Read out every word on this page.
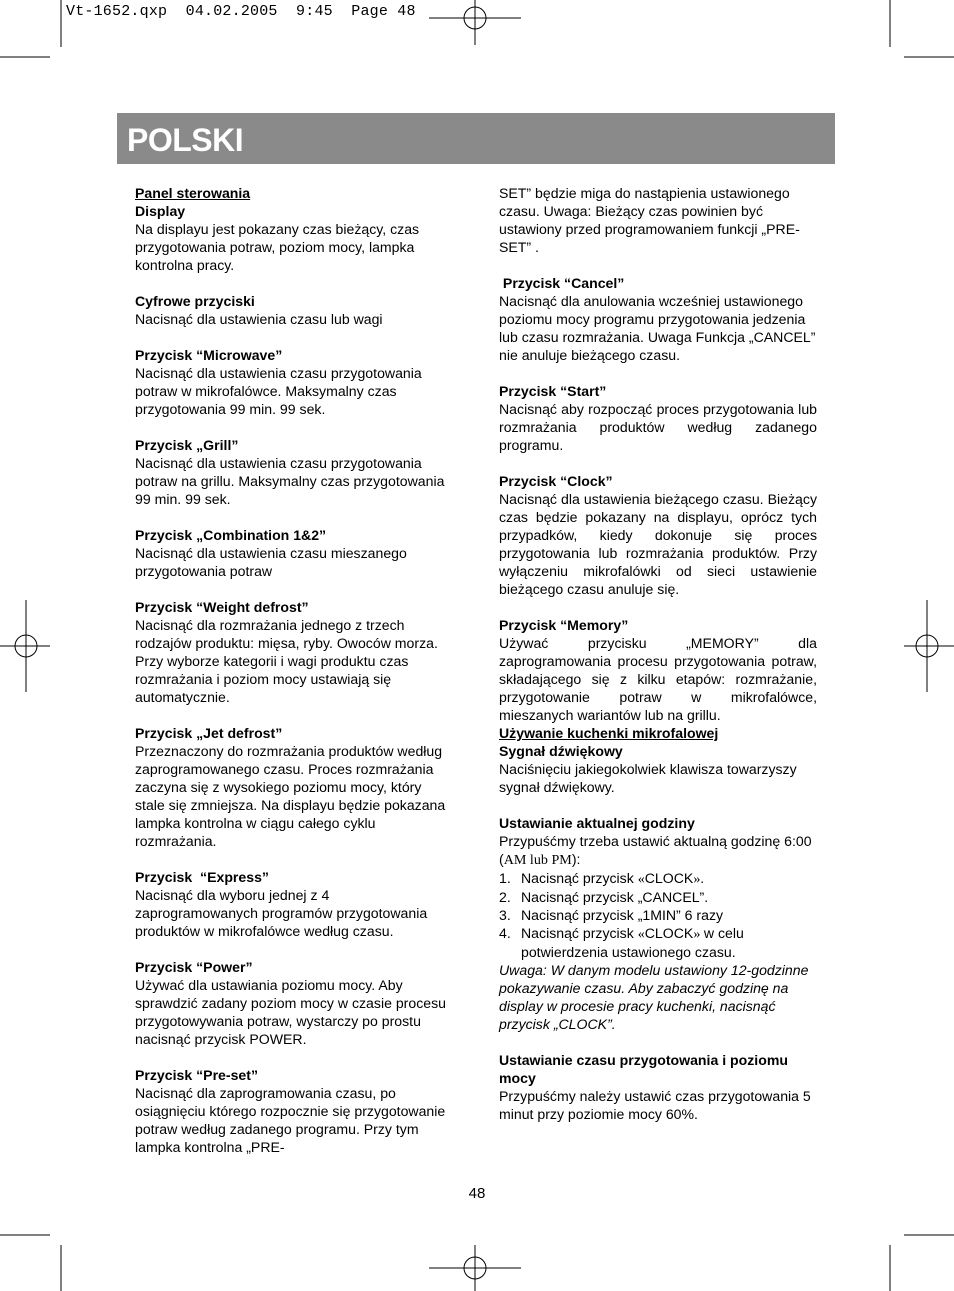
Vt-1652.qxp  04.02.2005  9:45  Page 48
POLSKI

Panel sterowania

Display

Na displayu jest pokazany czas bieżący, czas przygotowania potraw, poziom mocy, lampka kontrolna pracy.

Cyfrowe przyciski

Nacisnąć dla ustawienia czasu lub wagi

Przycisk “Microwave”

Nacisnąć dla ustawienia czasu przygotowania potraw w mikrofalówce. Maksymalny czas przygotowania 99 min. 99 sek.

Przycisk „Grill”

Nacisnąć dla ustawienia czasu przygotowania potraw na grillu. Maksymalny czas przygotowania 99 min. 99 sek.

Przycisk „Combination 1&2”

Nacisnąć dla ustawienia czasu mieszanego przygotowania potraw

Przycisk “Weight defrost”

Nacisnąć dla rozmrażania jednego z trzech rodzajów produktu: mięsa, ryby. Owoców morza. Przy wyborze kategorii i wagi produktu czas rozmrażania i poziom mocy ustawiają się automatycznie.

Przycisk „Jet defrost”

Przeznaczony do rozmrażania produktów według zaprogramowanego czasu. Proces rozmrażania zaczyna się z wysokiego poziomu mocy, który stale się zmniejsza. Na displayu będzie pokazana lampka kontrolna w ciągu całego cyklu rozmrażania.

Przycisk  “Express”

Nacisnąć dla wyboru jednej z 4 zaprogramowanych programów przygotowania produktów w mikrofalówce według czasu.

Przycisk “Power”

Używać dla ustawiania poziomu mocy. Aby sprawdzić zadany poziom mocy w czasie procesu przygotowywania potraw, wystarczy po prostu nacisnąć przycisk POWER.

Przycisk “Pre-set”

Nacisnąć dla zaprogramowania czasu, po osiągnięciu którego rozpocznie się przygotowanie potraw według zadanego programu. Przy tym lampka kontrolna „PRE-

SET” będzie miga do nastąpienia ustawionego czasu. Uwaga: Bieżący czas powinien być ustawiony przed programowaniem funkcji „PRE-SET” .

Przycisk “Cancel”

Nacisnąć dla anulowania wcześniej ustawionego poziomu mocy programu przygotowania jedzenia lub czasu rozmrażania. Uwaga Funkcja „CANCEL” nie anuluje bieżącego czasu.

Przycisk “Start”

Nacisnąć aby rozpocząć proces przygotowania lub rozmrażania produktów według zadanego programu.

Przycisk “Clock”

Nacisnąć dla ustawienia bieżącego czasu. Bieżący czas będzie pokazany na displayu, oprócz tych przypadków, kiedy dokonuje się proces przygotowania lub rozmrażania produktów. Przy wyłączeniu mikrofalówki od sieci ustawienie bieżącego czasu anuluje się.

Przycisk “Memory”

Używać przycisku „MEMORY” dla zaprogramowania procesu przygotowania potraw, składającego się z kilku etapów: rozmrażanie, przygotowanie potraw w mikrofalówce, mieszanych wariantów lub na grillu.

Używanie kuchenki mikrofalowej

Sygnał dźwiękowy

Naciśnięciu jakiegokolwiek klawisza towarzyszy sygnał dźwiękowy.

Ustawianie aktualnej godziny

Przypuśćmy trzeba ustawić aktualną godzinę 6:00 (AM lub PM):

1. Nacisnąć przycisk «CLOCK».
2. Nacisnąć przycisk „CANCEL”.
3. Nacisnąć przycisk „1MIN” 6 razy
4. Nacisnąć przycisk «CLOCK» w celu potwierdzenia ustawionego czasu.

Uwaga: W danym modelu ustawiony 12-godzinne pokazywanie czasu. Aby zabaczyć godzinę na display w procesie pracy kuchenki, nacisnąć przycisk „CLOCK”.

Ustawianie czasu przygotowania i poziomu mocy

Przypuśćmy należy ustawić czas przygotowania 5 minut przy poziomie mocy 60%.

48
